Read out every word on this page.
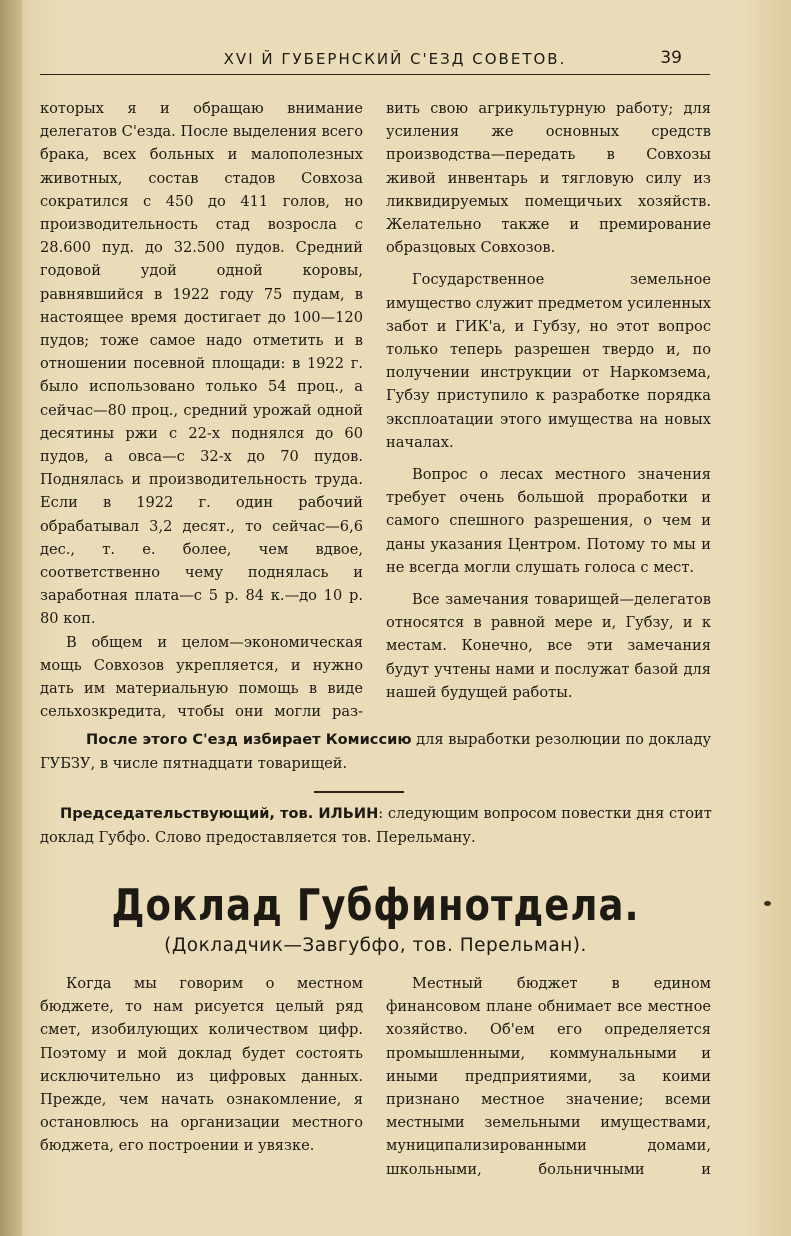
XVI Й ГУБЕРНСКИЙ С'ЕЗД СОВЕТОВ.	39

которых я и обращаю внимание делегатов С'езда. После выделения всего брака, всех больных и малополезных животных, состав стадов Совхоза сократился с 450 до 411 голов, но производительность стад возросла с 28.600 пуд. до 32.500 пудов. Средний годовой удой одной коровы, равнявшийся в 1922 году 75 пудам, в настоящее время достигает до 100—120 пудов; тоже самое надо отметить и в отношении посевной площади: в 1922 г. было использовано только 54 проц., а сейчас—80 проц., средний урожай одной десятины ржи с 22-х поднялся до 60 пудов, а овса—с 32-х до 70 пудов. Поднялась и производительность труда. Если в 1922 г. один рабочий обрабатывал 3,2 десят., то сейчас—6,6 дес., т. е. более, чем вдвое, соответственно чему поднялась и заработная плата—с 5 р. 84 к.—до 10 р. 80 коп.

В общем и целом—экономическая мощь Совхозов укрепляется, и нужно дать им материальную помощь в виде сельхозкредита, чтобы они могли раз-

вить свою агрикультурную работу; для усиления же основных средств производства—передать в Совхозы живой инвентарь и тягловую силу из ликвидируемых помещичьих хозяйств. Желательно также и премирование образцовых Совхозов.

Государственное земельное имущество служит предметом усиленных забот и ГИК'а, и Губзу, но этот вопрос только теперь разрешен твердо и, по получении инструкции от Наркомзема, Губзу приступило к разработке порядка эксплоатации этого имущества на новых началах.

Вопрос о лесах местного значения требует очень большой проработки и самого спешного разрешения, о чем и даны указания Центром. Потому то мы и не всегда могли слушать голоса с мест.

Все замечания товарищей—делегатов относятся в равной мере и, Губзу, и к местам. Конечно, все эти замечания будут учтены нами и послужат базой для нашей будущей работы.

После этого С'езд избирает Комиссию для выработки резолюции по докладу ГУБЗУ, в числе пятнадцати товарищей.
Председательствующий, тов. ИЛЬИН: следующим вопросом повестки дня стоит доклад Губфо. Слово предоставляется тов. Перельману.
Доклад Губфинотдела.
(Докладчик—Завгубфо, тов. Перельман).

Когда мы говорим о местном бюджете, то нам рисуется целый ряд смет, изобилующих количеством цифр. Поэтому и мой доклад будет состоять исключительно из цифровых данных. Прежде, чем начать ознакомление, я остановлюсь на организации местного бюджета, его построении и увязке.

Местный бюджет в едином финансовом плане обнимает все местное хозяйство. Об'ем его определяется промышленными, коммунальными и иными предприятиями, за коими признано местное значение; всеми местными земельными имуществами, муниципализированными домами, школьными, больничными и
